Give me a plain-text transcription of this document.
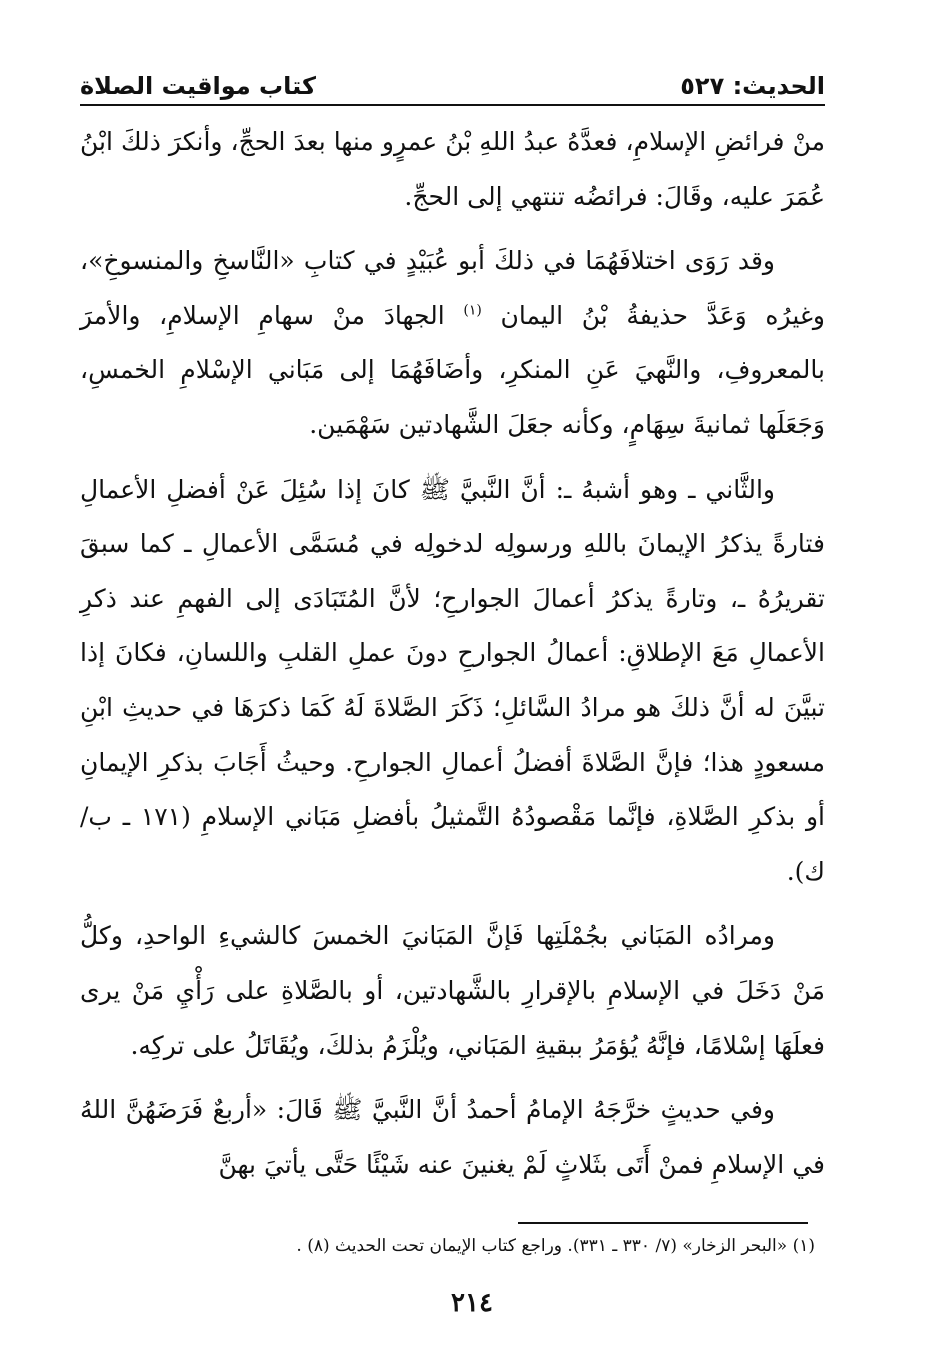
الحديث: ٥٢٧
كتاب مواقيت الصلاة

منْ فرائضِ الإسلامِ، فعدَّهُ عبدُ اللهِ بْنُ عمرٍو منها بعدَ الحجِّ، وأنكرَ ذلكَ ابْنُ عُمَرَ عليه، وقَالَ: فرائضُه تنتهي إلى الحجِّ.

وقد رَوَى اختلافَهُمَا في ذلكَ أبو عُبَيْدٍ في كتابِ «النَّاسخِ والمنسوخِ»، وغيرُه وَعَدَّ حذيفةُ بْنُ اليمان $^{(١)}$ الجهادَ منْ سهامِ الإسلامِ، والأمرَ بالمعروفِ، والنَّهيَ عَنِ المنكرِ، وأضَافَهُمَا إلى مَبَاني الإسْلامِ الخمسِ، وَجَعَلَها ثمانيةَ سِهَامٍ، وكأنه جعَلَ الشَّهادتين سَهْمَين.

والثَّاني ـ وهو أشبهُ ـ: أنَّ النَّبيَّ ﷺ كانَ إذا سُئِلَ عَنْ أفضلِ الأعمالِ فتارةً يذكرُ الإيمانَ باللهِ ورسولِه لدخولِه في مُسَمَّى الأعمالِ ـ كما سبقَ تقريرُهُ ـ، وتارةً يذكرُ أعمالَ الجوارحِ؛ لأنَّ المُتَبَادَى إلى الفهمِ عند ذكرِ الأعمالِ مَعَ الإطلاقِ: أعمالُ الجوارحِ دونَ عملِ القلبِ واللسانِ، فكانَ إذا تبيَّنَ له أنَّ ذلكَ هو مرادُ السَّائلِ؛ ذَكَرَ الصَّلاةَ لَهُ كَمَا ذكرَهَا في حديثِ ابْنِ مسعودٍ هذا؛ فإنَّ الصَّلاةَ أفضلُ أعمالِ الجوارحِ. وحيثُ أَجَابَ بذكرِ الإيمانِ أو بذكرِ الصَّلاةِ، فإنَّما مَقْصودُهُ التَّمثيلُ بأفضلِ مَبَاني الإسلامِ (١٧١ ـ ب/ك).

ومرادُه المَبَاني بجُمْلَتِها فَإنَّ المَبَانيَ الخمسَ كالشيءِ الواحدِ، وكلُّ مَنْ دَخَلَ في الإسلامِ بالإقرارِ بالشَّهادتين، أو بالصَّلاةِ على رَأْيِ مَنْ يرى فعلَهَا إسْلامًا، فإنَّهُ يُؤمَرُ ببقيةِ المَبَاني، ويُلْزَمُ بذلكَ، ويُقَاتَلُ على تركِه.

وفي حديثٍ خرَّجَهُ الإمامُ أحمدُ أنَّ النَّبيَّ ﷺ قَالَ: «أربعٌ فَرَضَهُنَّ اللهُ في الإسلامِ فمنْ أَتَى بثَلاثٍ لَمْ يغنينَ عنه شَيْئًا حَتَّى يأتيَ بهنَّ

(١) «البحر الزخار» (٧/ ٣٣٠ ـ ٣٣١). وراجع كتاب الإيمان تحت الحديث (٨) .
٢١٤
